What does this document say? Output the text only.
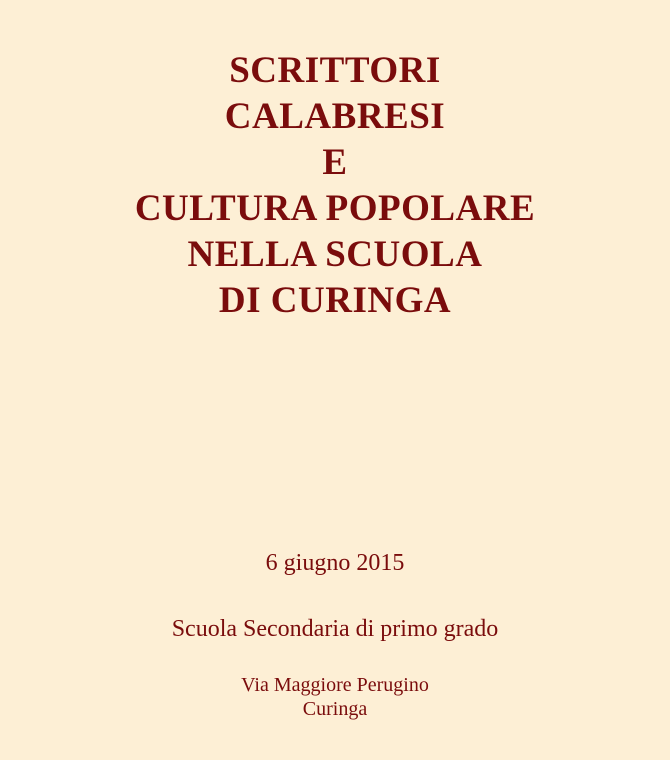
SCRITTORI
CALABRESI
E
CULTURA POPOLARE
NELLA SCUOLA
DI CURINGA
6 giugno 2015
Scuola Secondaria di primo grado
Via Maggiore Perugino
Curinga
